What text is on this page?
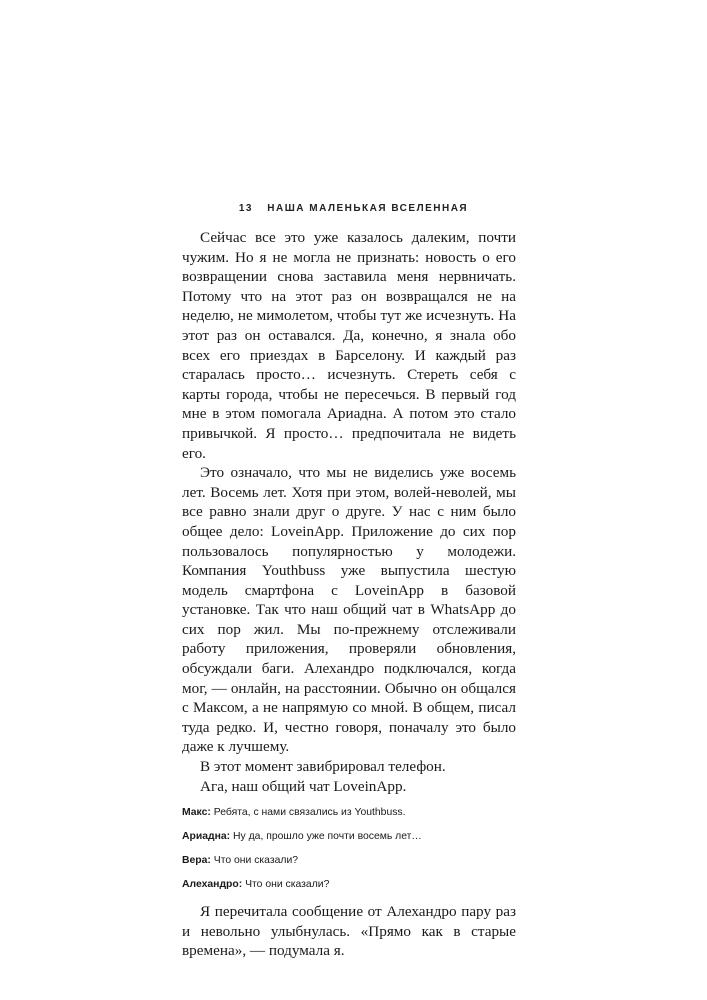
13 НАША МАЛЕНЬКАЯ ВСЕЛЕННАЯ

Сейчас все это уже казалось далеким, почти чужим. Но я не могла не признать: новость о его возвращении снова заставила меня нервничать. Потому что на этот раз он возвращался не на неделю, не мимолетом, чтобы тут же исчезнуть. На этот раз он оставался. Да, конечно, я знала обо всех его приездах в Барселону. И каждый раз старалась просто… исчезнуть. Стереть себя с карты города, чтобы не пересечься. В первый год мне в этом помогала Ариадна. А потом это стало привычкой. Я просто… предпочитала не видеть его.

Это означало, что мы не виделись уже восемь лет. Восемь лет. Хотя при этом, волей-неволей, мы все равно знали друг о друге. У нас с ним было общее дело: LoveinApp. Приложение до сих пор пользовалось популярностью у молодежи. Компания Youthbuss уже выпустила шестую модель смартфона с LoveinApp в базовой установке. Так что наш общий чат в WhatsApp до сих пор жил. Мы по-прежнему отслеживали работу приложения, проверяли обновления, обсуждали баги. Алехандро подключался, когда мог, — онлайн, на расстоянии. Обычно он общался с Максом, а не напрямую со мной. В общем, писал туда редко. И, честно говоря, поначалу это было даже к лучшему.

В этот момент завибрировал телефон.

Ага, наш общий чат LoveinApp.

Макс: Ребята, с нами связались из Youthbuss.
Ариадна: Ну да, прошло уже почти восемь лет…
Вера: Что они сказали?
Алехандро: Что они сказали?

Я перечитала сообщение от Алехандро пару раз и невольно улыбнулась. «Прямо как в старые времена», — подумала я.
